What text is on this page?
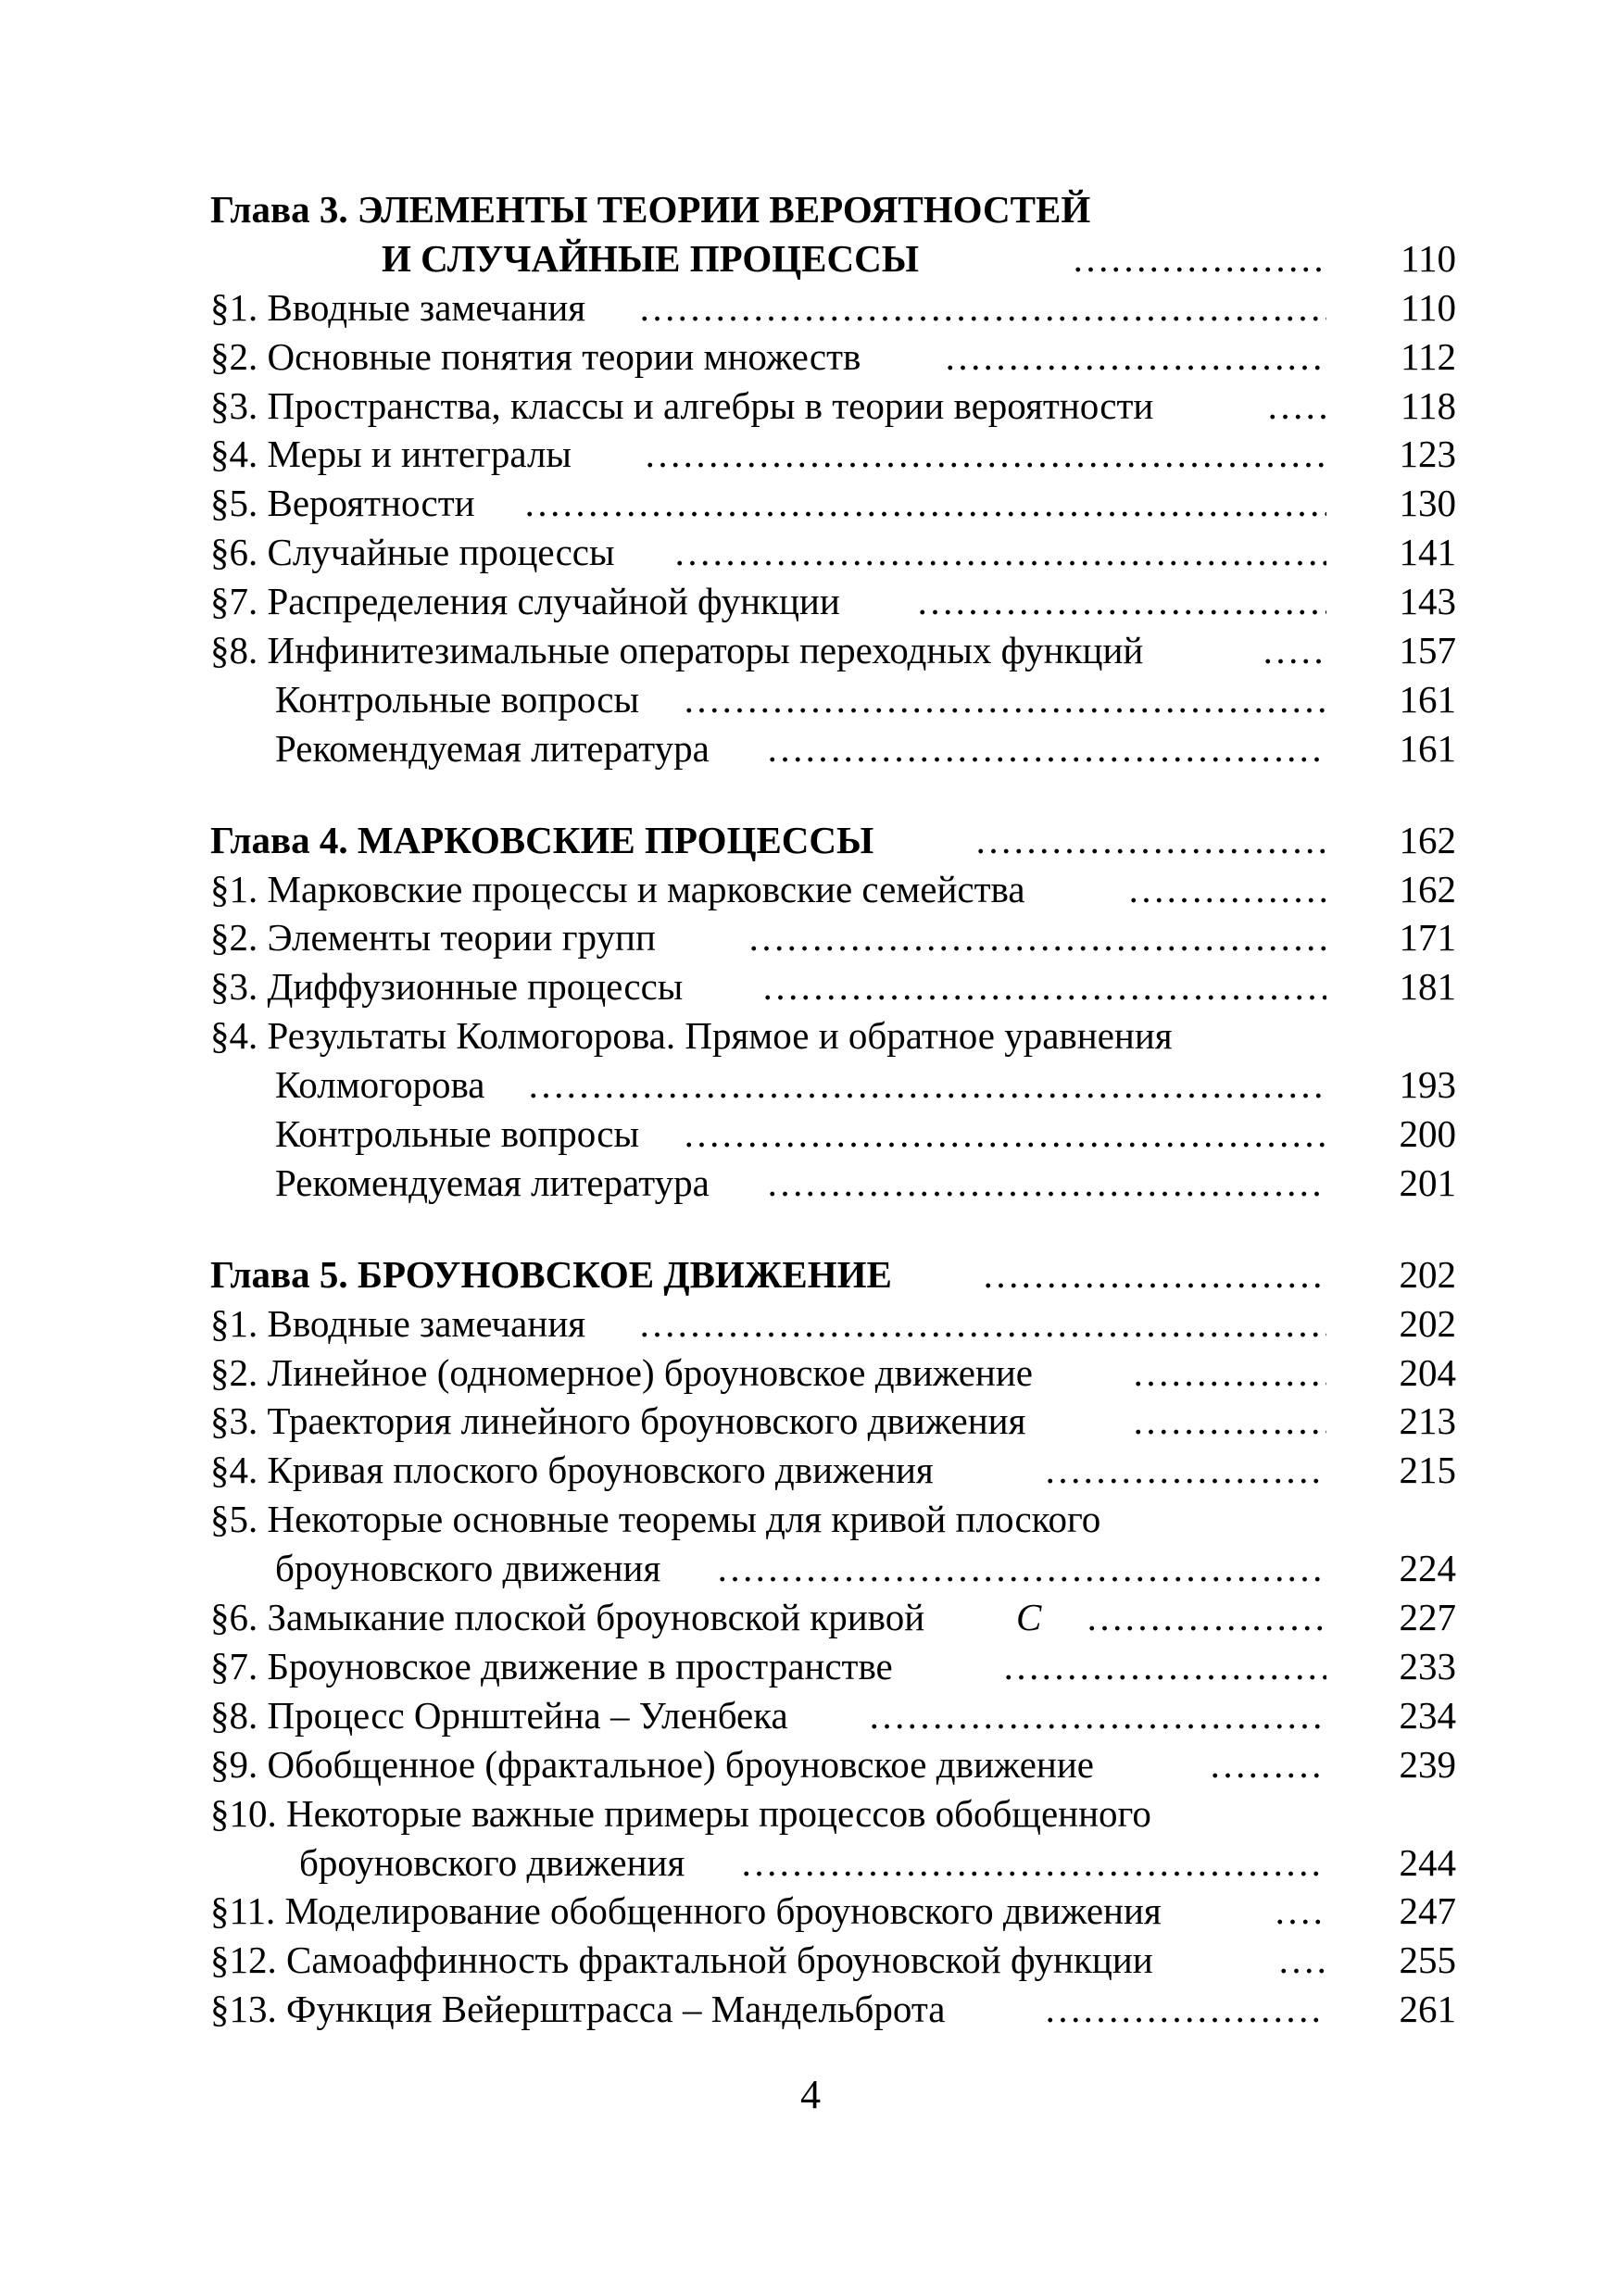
Глава 3. ЭЛЕМЕНТЫ ТЕОРИИ ВЕРОЯТНОСТЕЙ
И СЛУЧАЙНЫЕ ПРОЦЕССЫ ………………………………………………………………………………………………………………………………………………………………………………	110
§1. Вводные замечания ………………………………………………………………………………………………………………………………………………………………………………	110
§2. Основные понятия теории множеств ………………………………………………………………………………………………………………………………………………………………………………	112
§3. Пространства, классы и алгебры в теории вероятности ………………………………………………………………………………………………………………………………………………………………………………	118
§4. Меры и интегралы ………………………………………………………………………………………………………………………………………………………………………………	123
§5. Вероятности ………………………………………………………………………………………………………………………………………………………………………………	130
§6. Случайные процессы ………………………………………………………………………………………………………………………………………………………………………………	141
§7. Распределения случайной функции ………………………………………………………………………………………………………………………………………………………………………………	143
§8. Инфинитезимальные операторы переходных функций ………………………………………………………………………………………………………………………………………………………………………………	157
Контрольные вопросы ………………………………………………………………………………………………………………………………………………………………………………	161
Рекомендуемая литература ………………………………………………………………………………………………………………………………………………………………………………	161
Глава 4. МАРКОВСКИЕ ПРОЦЕССЫ ………………………………………………………………………………………………………………………………………………………………………………	162
§1. Марковские процессы и марковские семейства ………………………………………………………………………………………………………………………………………………………………………………	162
§2. Элементы теории групп ………………………………………………………………………………………………………………………………………………………………………………	171
§3. Диффузионные процессы ………………………………………………………………………………………………………………………………………………………………………………	181
§4. Результаты Колмогорова. Прямое и обратное уравнения
Колмогорова ………………………………………………………………………………………………………………………………………………………………………………	193
Контрольные вопросы ………………………………………………………………………………………………………………………………………………………………………………	200
Рекомендуемая литература ………………………………………………………………………………………………………………………………………………………………………………	201
Глава 5. БРОУНОВСКОЕ ДВИЖЕНИЕ ………………………………………………………………………………………………………………………………………………………………………………	202
§1. Вводные замечания ………………………………………………………………………………………………………………………………………………………………………………	202
§2. Линейное (одномерное) броуновское движение ………………………………………………………………………………………………………………………………………………………………………………	204
§3. Траектория линейного броуновского движения ………………………………………………………………………………………………………………………………………………………………………………	213
§4. Кривая плоского броуновского движения ………………………………………………………………………………………………………………………………………………………………………………	215
§5. Некоторые основные теоремы для кривой плоского
броуновского движения ………………………………………………………………………………………………………………………………………………………………………………	224
§6. Замыкание плоской броуновской кривой C ………………………………………………………………………………………………………………………………………………………………………………	227
§7. Броуновское движение в пространстве ………………………………………………………………………………………………………………………………………………………………………………	233
§8. Процесс Орнштейна – Уленбека ………………………………………………………………………………………………………………………………………………………………………………	234
§9. Обобщенное (фрактальное) броуновское движение ………………………………………………………………………………………………………………………………………………………………………………	239
§10. Некоторые важные примеры процессов обобщенного
броуновского движения ………………………………………………………………………………………………………………………………………………………………………………	244
§11. Моделирование обобщенного броуновского движения ………………………………………………………………………………………………………………………………………………………………………………	247
§12. Самоаффинность фрактальной броуновской функции ………………………………………………………………………………………………………………………………………………………………………………	255
§13. Функция Вейерштрасса – Мандельброта ………………………………………………………………………………………………………………………………………………………………………………	261
4
